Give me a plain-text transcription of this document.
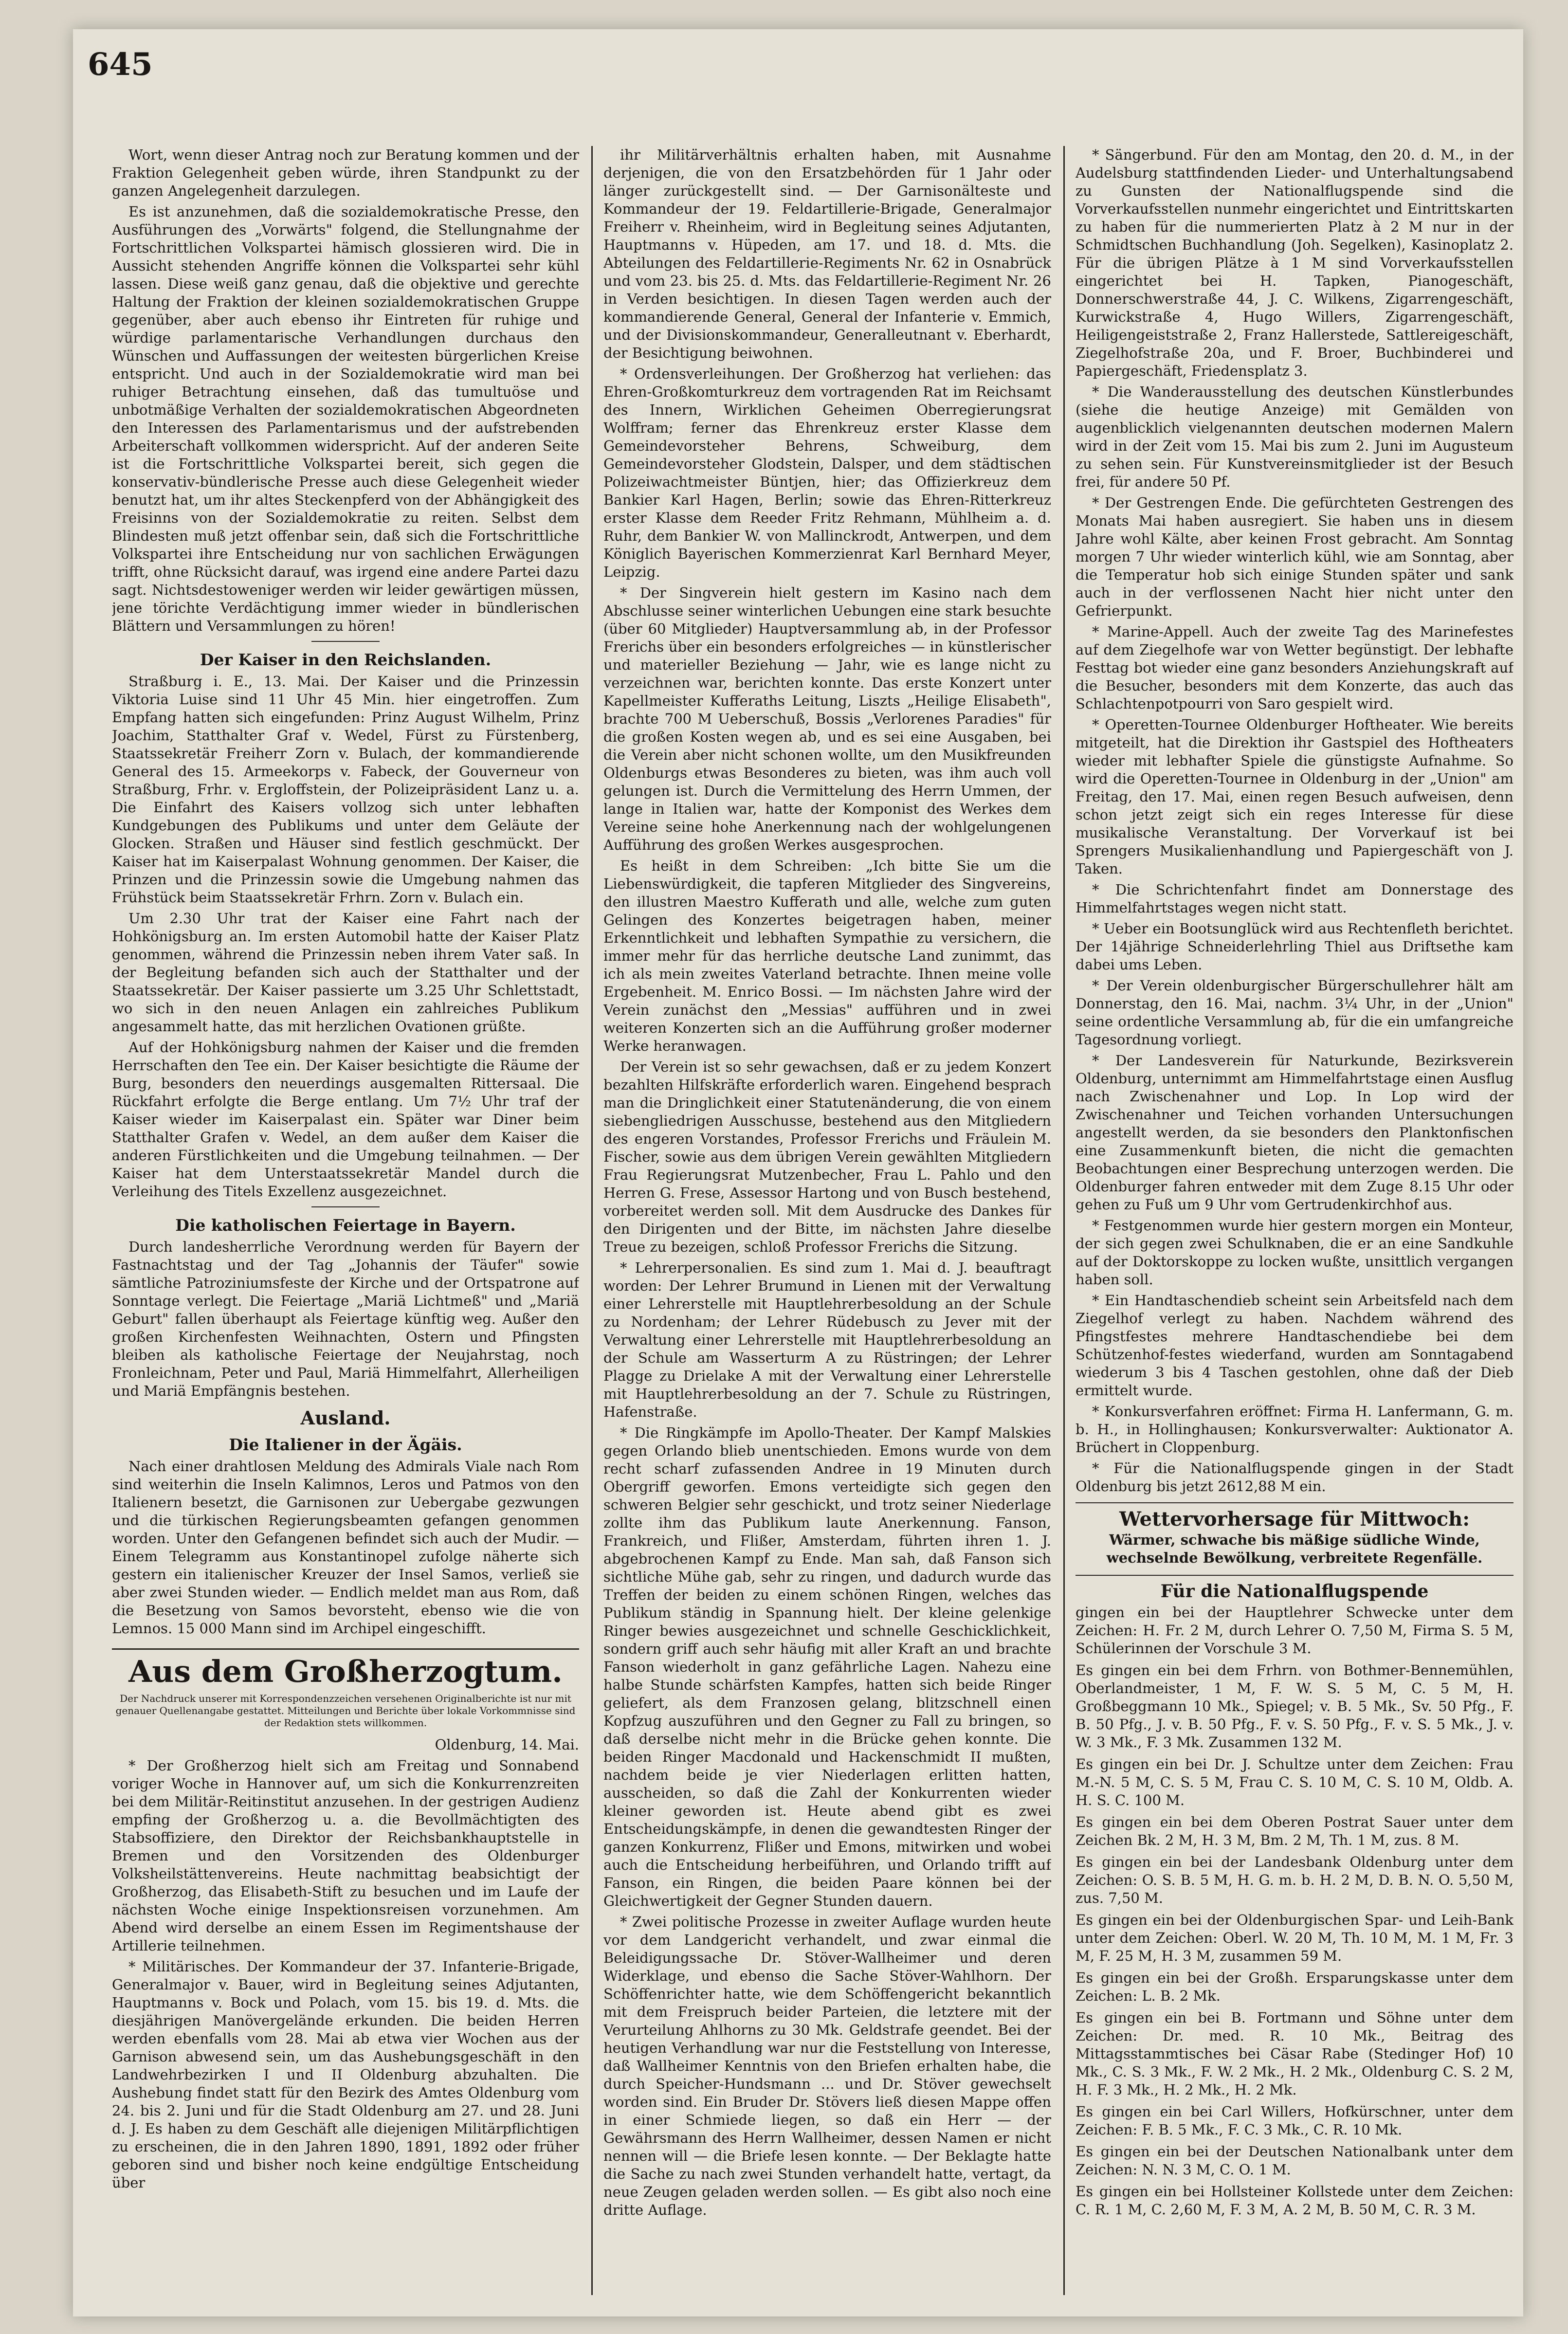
645

Wort, wenn dieser Antrag noch zur Beratung kommen und der Fraktion Gelegenheit geben würde, ihren Standpunkt zu der ganzen Angelegenheit darzulegen.

Es ist anzunehmen, daß die sozialdemokratische Presse, den Ausführungen des „Vorwärts" folgend, die Stellungnahme der Fortschrittlichen Volkspartei hämisch glossieren wird. Die in Aussicht stehenden Angriffe können die Volkspartei sehr kühl lassen. Diese weiß ganz genau, daß die objektive und gerechte Haltung der Fraktion der kleinen sozialdemokratischen Gruppe gegenüber, aber auch ebenso ihr Eintreten für ruhige und würdige parlamentarische Verhandlungen durchaus den Wünschen und Auffassungen der weitesten bürgerlichen Kreise entspricht. Und auch in der Sozialdemokratie wird man bei ruhiger Betrachtung einsehen, daß das tumultuöse und unbotmäßige Verhalten der sozialdemokratischen Abgeordneten den Interessen des Parlamentarismus und der aufstrebenden Arbeiterschaft vollkommen widerspricht. Auf der anderen Seite ist die Fortschrittliche Volkspartei bereit, sich gegen die konservativ-bündlerische Presse auch diese Gelegenheit wieder benutzt hat, um ihr altes Steckenpferd von der Abhängigkeit des Freisinns von der Sozialdemokratie zu reiten. Selbst dem Blindesten muß jetzt offenbar sein, daß sich die Fortschrittliche Volkspartei ihre Entscheidung nur von sachlichen Erwägungen trifft, ohne Rücksicht darauf, was irgend eine andere Partei dazu sagt. Nichtsdestoweniger werden wir leider gewärtigen müssen, jene törichte Verdächtigung immer wieder in bündlerischen Blättern und Versammlungen zu hören!

Der Kaiser in den Reichslanden.

Straßburg i. E., 13. Mai. Der Kaiser und die Prinzessin Viktoria Luise sind 11 Uhr 45 Min. hier eingetroffen. Zum Empfang hatten sich eingefunden: Prinz August Wilhelm, Prinz Joachim, Statthalter Graf v. Wedel, Fürst zu Fürstenberg, Staatssekretär Freiherr Zorn v. Bulach, der kommandierende General des 15. Armeekorps v. Fabeck, der Gouverneur von Straßburg, Frhr. v. Ergloffstein, der Polizeipräsident Lanz u. a. Die Einfahrt des Kaisers vollzog sich unter lebhaften Kundgebungen des Publikums und unter dem Geläute der Glocken. Straßen und Häuser sind festlich geschmückt. Der Kaiser hat im Kaiserpalast Wohnung genommen. Der Kaiser, die Prinzen und die Prinzessin sowie die Umgebung nahmen das Frühstück beim Staatssekretär Frhrn. Zorn v. Bulach ein.

Um 2.30 Uhr trat der Kaiser eine Fahrt nach der Hohkönigsburg an. Im ersten Automobil hatte der Kaiser Platz genommen, während die Prinzessin neben ihrem Vater saß. In der Begleitung befanden sich auch der Statthalter und der Staatssekretär. Der Kaiser passierte um 3.25 Uhr Schlettstadt, wo sich in den neuen Anlagen ein zahlreiches Publikum angesammelt hatte, das mit herzlichen Ovationen grüßte.

Auf der Hohkönigsburg nahmen der Kaiser und die fremden Herrschaften den Tee ein. Der Kaiser besichtigte die Räume der Burg, besonders den neuerdings ausgemalten Rittersaal. Die Rückfahrt erfolgte die Berge entlang. Um 7½ Uhr traf der Kaiser wieder im Kaiserpalast ein. Später war Diner beim Statthalter Grafen v. Wedel, an dem außer dem Kaiser die anderen Fürstlichkeiten und die Umgebung teilnahmen. — Der Kaiser hat dem Unterstaatssekretär Mandel durch die Verleihung des Titels Exzellenz ausgezeichnet.

Die katholischen Feiertage in Bayern.

Durch landesherrliche Verordnung werden für Bayern der Fastnachtstag und der Tag „Johannis der Täufer" sowie sämtliche Patroziniumsfeste der Kirche und der Ortspatrone auf Sonntage verlegt. Die Feiertage „Mariä Lichtmeß" und „Mariä Geburt" fallen überhaupt als Feiertage künftig weg. Außer den großen Kirchenfesten Weihnachten, Ostern und Pfingsten bleiben als katholische Feiertage der Neujahrstag, noch Fronleichnam, Peter und Paul, Mariä Himmelfahrt, Allerheiligen und Mariä Empfängnis bestehen.

Ausland.
Die Italiener in der Ägäis.

Nach einer drahtlosen Meldung des Admirals Viale nach Rom sind weiterhin die Inseln Kalimnos, Leros und Patmos von den Italienern besetzt, die Garnisonen zur Uebergabe gezwungen und die türkischen Regierungsbeamten gefangen genommen worden. Unter den Gefangenen befindet sich auch der Mudir. — Einem Telegramm aus Konstantinopel zufolge näherte sich gestern ein italienischer Kreuzer der Insel Samos, verließ sie aber zwei Stunden wieder. — Endlich meldet man aus Rom, daß die Besetzung von Samos bevorsteht, ebenso wie die von Lemnos. 15 000 Mann sind im Archipel eingeschifft.

Aus dem Großherzogtum.
Der Nachdruck unserer mit Korrespondenzzeichen versehenen Originalberichte ist nur mit genauer Quellenangabe gestattet. Mitteilungen und Berichte über lokale Vorkommnisse sind der Redaktion stets willkommen.

Oldenburg, 14. Mai.

* Der Großherzog hielt sich am Freitag und Sonnabend voriger Woche in Hannover auf, um sich die Konkurrenzreiten bei dem Militär-Reitinstitut anzusehen. In der gestrigen Audienz empfing der Großherzog u. a. die Bevollmächtigten des Stabsoffiziere, den Direktor der Reichsbankhauptstelle in Bremen und den Vorsitzenden des Oldenburger Volksheilstättenvereins. Heute nachmittag beabsichtigt der Großherzog, das Elisabeth-Stift zu besuchen und im Laufe der nächsten Woche einige Inspektionsreisen vorzunehmen. Am Abend wird derselbe an einem Essen im Regimentshause der Artillerie teilnehmen.

* Militärisches. Der Kommandeur der 37. Infanterie-Brigade, Generalmajor v. Bauer, wird in Begleitung seines Adjutanten, Hauptmanns v. Bock und Polach, vom 15. bis 19. d. Mts. die diesjährigen Manövergelände erkunden. Die beiden Herren werden ebenfalls vom 28. Mai ab etwa vier Wochen aus der Garnison abwesend sein, um das Aushebungsgeschäft in den Landwehrbezirken I und II Oldenburg abzuhalten. Die Aushebung findet statt für den Bezirk des Amtes Oldenburg vom 24. bis 2. Juni und für die Stadt Oldenburg am 27. und 28. Juni d. J. Es haben zu dem Geschäft alle diejenigen Militärpflichtigen zu erscheinen, die in den Jahren 1890, 1891, 1892 oder früher geboren sind und bisher noch keine endgültige Entscheidung über

ihr Militärverhältnis erhalten haben, mit Ausnahme derjenigen, die von den Ersatzbehörden für 1 Jahr oder länger zurückgestellt sind. — Der Garnisonälteste und Kommandeur der 19. Feldartillerie-Brigade, Generalmajor Freiherr v. Rheinheim, wird in Begleitung seines Adjutanten, Hauptmanns v. Hüpeden, am 17. und 18. d. Mts. die Abteilungen des Feldartillerie-Regiments Nr. 62 in Osnabrück und vom 23. bis 25. d. Mts. das Feldartillerie-Regiment Nr. 26 in Verden besichtigen. In diesen Tagen werden auch der kommandierende General, General der Infanterie v. Emmich, und der Divisionskommandeur, Generalleutnant v. Eberhardt, der Besichtigung beiwohnen.

* Ordensverleihungen. Der Großherzog hat verliehen: das Ehren-Großkomturkreuz dem vortragenden Rat im Reichsamt des Innern, Wirklichen Geheimen Oberregierungsrat Wolffram; ferner das Ehrenkreuz erster Klasse dem Gemeindevorsteher Behrens, Schweiburg, dem Gemeindevorsteher Glodstein, Dalsper, und dem städtischen Polizeiwachtmeister Büntjen, hier; das Offizierkreuz dem Bankier Karl Hagen, Berlin; sowie das Ehren-Ritterkreuz erster Klasse dem Reeder Fritz Rehmann, Mühlheim a. d. Ruhr, dem Bankier W. von Mallinckrodt, Antwerpen, und dem Königlich Bayerischen Kommerzienrat Karl Bernhard Meyer, Leipzig.

* Der Singverein hielt gestern im Kasino nach dem Abschlusse seiner winterlichen Uebungen eine stark besuchte (über 60 Mitglieder) Hauptversammlung ab, in der Professor Frerichs über ein besonders erfolgreiches — in künstlerischer und materieller Beziehung — Jahr, wie es lange nicht zu verzeichnen war, berichten konnte. Das erste Konzert unter Kapellmeister Kufferaths Leitung, Liszts „Heilige Elisabeth", brachte 700 M Ueberschuß, Bossis „Verlorenes Paradies" für die großen Kosten wegen ab, und es sei eine Ausgaben, bei die Verein aber nicht schonen wollte, um den Musikfreunden Oldenburgs etwas Besonderes zu bieten, was ihm auch voll gelungen ist. Durch die Vermittelung des Herrn Ummen, der lange in Italien war, hatte der Komponist des Werkes dem Vereine seine hohe Anerkennung nach der wohlgelungenen Aufführung des großen Werkes ausgesprochen.

Es heißt in dem Schreiben: „Ich bitte Sie um die Liebenswürdigkeit, die tapferen Mitglieder des Singvereins, den illustren Maestro Kufferath und alle, welche zum guten Gelingen des Konzertes beigetragen haben, meiner Erkenntlichkeit und lebhaften Sympathie zu versichern, die immer mehr für das herrliche deutsche Land zunimmt, das ich als mein zweites Vaterland betrachte. Ihnen meine volle Ergebenheit. M. Enrico Bossi. — Im nächsten Jahre wird der Verein zunächst den „Messias" aufführen und in zwei weiteren Konzerten sich an die Aufführung großer moderner Werke heranwagen.

Der Verein ist so sehr gewachsen, daß er zu jedem Konzert bezahlten Hilfskräfte erforderlich waren. Eingehend besprach man die Dringlichkeit einer Statutenänderung, die von einem siebengliedrigen Ausschusse, bestehend aus den Mitgliedern des engeren Vorstandes, Professor Frerichs und Fräulein M. Fischer, sowie aus dem übrigen Verein gewählten Mitgliedern Frau Regierungsrat Mutzenbecher, Frau L. Pahlo und den Herren G. Frese, Assessor Hartong und von Busch bestehend, vorbereitet werden soll. Mit dem Ausdrucke des Dankes für den Dirigenten und der Bitte, im nächsten Jahre dieselbe Treue zu bezeigen, schloß Professor Frerichs die Sitzung.

* Lehrerpersonalien. Es sind zum 1. Mai d. J. beauftragt worden: Der Lehrer Brumund in Lienen mit der Verwaltung einer Lehrerstelle mit Hauptlehrerbesoldung an der Schule zu Nordenham; der Lehrer Rüdebusch zu Jever mit der Verwaltung einer Lehrerstelle mit Hauptlehrerbesoldung an der Schule am Wasserturm A zu Rüstringen; der Lehrer Plagge zu Drielake A mit der Verwaltung einer Lehrerstelle mit Hauptlehrerbesoldung an der 7. Schule zu Rüstringen, Hafenstraße.

* Die Ringkämpfe im Apollo-Theater. Der Kampf Malskies gegen Orlando blieb unentschieden. Emons wurde von dem recht scharf zufassenden Andree in 19 Minuten durch Obergriff geworfen. Emons verteidigte sich gegen den schweren Belgier sehr geschickt, und trotz seiner Niederlage zollte ihm das Publikum laute Anerkennung. Fanson, Frankreich, und Flißer, Amsterdam, führten ihren 1. J. abgebrochenen Kampf zu Ende. Man sah, daß Fanson sich sichtliche Mühe gab, sehr zu ringen, und dadurch wurde das Treffen der beiden zu einem schönen Ringen, welches das Publikum ständig in Spannung hielt. Der kleine gelenkige Ringer bewies ausgezeichnet und schnelle Geschicklichkeit, sondern griff auch sehr häufig mit aller Kraft an und brachte Fanson wiederholt in ganz gefährliche Lagen. Nahezu eine halbe Stunde schärfsten Kampfes, hatten sich beide Ringer geliefert, als dem Franzosen gelang, blitzschnell einen Kopfzug auszuführen und den Gegner zu Fall zu bringen, so daß derselbe nicht mehr in die Brücke gehen konnte. Die beiden Ringer Macdonald und Hackenschmidt II mußten, nachdem beide je vier Niederlagen erlitten hatten, ausscheiden, so daß die Zahl der Konkurrenten wieder kleiner geworden ist. Heute abend gibt es zwei Entscheidungskämpfe, in denen die gewandtesten Ringer der ganzen Konkurrenz, Flißer und Emons, mitwirken und wobei auch die Entscheidung herbeiführen, und Orlando trifft auf Fanson, ein Ringen, die beiden Paare können bei der Gleichwertigkeit der Gegner Stunden dauern.

* Zwei politische Prozesse in zweiter Auflage wurden heute vor dem Landgericht verhandelt, und zwar einmal die Beleidigungssache Dr. Stöver-Wallheimer und deren Widerklage, und ebenso die Sache Stöver-Wahlhorn. Der Schöffenrichter hatte, wie dem Schöffengericht bekanntlich mit dem Freispruch beider Parteien, die letztere mit der Verurteilung Ahlhorns zu 30 Mk. Geldstrafe geendet. Bei der heutigen Verhandlung war nur die Feststellung von Interesse, daß Wallheimer Kenntnis von den Briefen erhalten habe, die durch Speicher-Hundsmann ... und Dr. Stöver gewechselt worden sind. Ein Bruder Dr. Stövers ließ diesen Mappe offen in einer Schmiede liegen, so daß ein Herr — der Gewährsmann des Herrn Wallheimer, dessen Namen er nicht nennen will — die Briefe lesen konnte. — Der Beklagte hatte die Sache zu nach zwei Stunden verhandelt hatte, vertagt, da neue Zeugen geladen werden sollen. — Es gibt also noch eine dritte Auflage.

* Sängerbund. Für den am Montag, den 20. d. M., in der Audelsburg stattfindenden Lieder- und Unterhaltungsabend zu Gunsten der Nationalflugspende sind die Vorverkaufsstellen nunmehr eingerichtet und Eintrittskarten zu haben für die nummerierten Platz à 2 M nur in der Schmidtschen Buchhandlung (Joh. Segelken), Kasinoplatz 2. Für die übrigen Plätze à 1 M sind Vorverkaufsstellen eingerichtet bei H. Tapken, Pianogeschäft, Donnerschwerstraße 44, J. C. Wilkens, Zigarrengeschäft, Kurwickstraße 4, Hugo Willers, Zigarrengeschäft, Heiligengeiststraße 2, Franz Hallerstede, Sattlereigeschäft, Ziegelhofstraße 20a, und F. Broer, Buchbinderei und Papiergeschäft, Friedensplatz 3.

* Die Wanderausstellung des deutschen Künstlerbundes (siehe die heutige Anzeige) mit Gemälden von augenblicklich vielgenannten deutschen modernen Malern wird in der Zeit vom 15. Mai bis zum 2. Juni im Augusteum zu sehen sein. Für Kunstvereinsmitglieder ist der Besuch frei, für andere 50 Pf.

* Der Gestrengen Ende. Die gefürchteten Gestrengen des Monats Mai haben ausregiert. Sie haben uns in diesem Jahre wohl Kälte, aber keinen Frost gebracht. Am Sonntag morgen 7 Uhr wieder winterlich kühl, wie am Sonntag, aber die Temperatur hob sich einige Stunden später und sank auch in der verflossenen Nacht hier nicht unter den Gefrierpunkt.

* Marine-Appell. Auch der zweite Tag des Marinefestes auf dem Ziegelhofe war von Wetter begünstigt. Der lebhafte Festtag bot wieder eine ganz besonders Anziehungskraft auf die Besucher, besonders mit dem Konzerte, das auch das Schlachtenpotpourri von Saro gespielt wird.

* Operetten-Tournee Oldenburger Hoftheater. Wie bereits mitgeteilt, hat die Direktion ihr Gastspiel des Hoftheaters wieder mit lebhafter Spiele die günstigste Aufnahme. So wird die Operetten-Tournee in Oldenburg in der „Union" am Freitag, den 17. Mai, einen regen Besuch aufweisen, denn schon jetzt zeigt sich ein reges Interesse für diese musikalische Veranstaltung. Der Vorverkauf ist bei Sprengers Musikalienhandlung und Papiergeschäft von J. Taken.

* Die Schrichtenfahrt findet am Donnerstage des Himmelfahrtstages wegen nicht statt.

* Ueber ein Bootsunglück wird aus Rechtenfleth berichtet. Der 14jährige Schneiderlehrling Thiel aus Driftsethe kam dabei ums Leben.

* Der Verein oldenburgischer Bürgerschullehrer hält am Donnerstag, den 16. Mai, nachm. 3¼ Uhr, in der „Union" seine ordentliche Versammlung ab, für die ein umfangreiche Tagesordnung vorliegt.

* Der Landesverein für Naturkunde, Bezirksverein Oldenburg, unternimmt am Himmelfahrtstage einen Ausflug nach Zwischenahner und Lop. In Lop wird der Zwischenahner und Teichen vorhanden Untersuchungen angestellt werden, da sie besonders den Planktonfischen eine Zusammenkunft bieten, die nicht die gemachten Beobachtungen einer Besprechung unterzogen werden. Die Oldenburger fahren entweder mit dem Zuge 8.15 Uhr oder gehen zu Fuß um 9 Uhr vom Gertrudenkirchhof aus.

* Festgenommen wurde hier gestern morgen ein Monteur, der sich gegen zwei Schulknaben, die er an eine Sandkuhle auf der Doktorskoppe zu locken wußte, unsittlich vergangen haben soll.

* Ein Handtaschendieb scheint sein Arbeitsfeld nach dem Ziegelhof verlegt zu haben. Nachdem während des Pfingstfestes mehrere Handtaschendiebe bei dem Schützenhof-festes wiederfand, wurden am Sonntagabend wiederum 3 bis 4 Taschen gestohlen, ohne daß der Dieb ermittelt wurde.

* Konkursverfahren eröffnet: Firma H. Lanfermann, G. m. b. H., in Hollinghausen; Konkursverwalter: Auktionator A. Brüchert in Cloppenburg.

* Für die Nationalflugspende gingen in der Stadt Oldenburg bis jetzt 2612,88 M ein.

Wettervorhersage für Mittwoch:
Wärmer, schwache bis mäßige südliche Winde, wechselnde Bewölkung, verbreitete Regenfälle.
Für die Nationalflugspende

gingen ein bei der Hauptlehrer Schwecke unter dem Zeichen: H. Fr. 2 M, durch Lehrer O. 7,50 M, Firma S. 5 M, Schülerinnen der Vorschule 3 M.

Es gingen ein bei dem Frhrn. von Bothmer-Bennemühlen, Oberlandmeister, 1 M, F. W. S. 5 M, C. 5 M, H. Großbeggmann 10 Mk., Spiegel; v. B. 5 Mk., Sv. 50 Pfg., F. B. 50 Pfg., J. v. B. 50 Pfg., F. v. S. 50 Pfg., F. v. S. 5 Mk., J. v. W. 3 Mk., F. 3 Mk. Zusammen 132 M.

Es gingen ein bei Dr. J. Schultze unter dem Zeichen: Frau M.-N. 5 M, C. S. 5 M, Frau C. S. 10 M, C. S. 10 M, Oldb. A. H. S. C. 100 M.

Es gingen ein bei dem Oberen Postrat Sauer unter dem Zeichen Bk. 2 M, H. 3 M, Bm. 2 M, Th. 1 M, zus. 8 M.

Es gingen ein bei der Landesbank Oldenburg unter dem Zeichen: O. S. B. 5 M, H. G. m. b. H. 2 M, D. B. N. O. 5,50 M, zus. 7,50 M.

Es gingen ein bei der Oldenburgischen Spar- und Leih-Bank unter dem Zeichen: Oberl. W. 20 M, Th. 10 M, M. 1 M, Fr. 3 M, F. 25 M, H. 3 M, zusammen 59 M.

Es gingen ein bei der Großh. Ersparungskasse unter dem Zeichen: L. B. 2 Mk.

Es gingen ein bei B. Fortmann und Söhne unter dem Zeichen: Dr. med. R. 10 Mk., Beitrag des Mittagsstammtisches bei Cäsar Rabe (Stedinger Hof) 10 Mk., C. S. 3 Mk., F. W. 2 Mk., H. 2 Mk., Oldenburg C. S. 2 M, H. F. 3 Mk., H. 2 Mk., H. 2 Mk.

Es gingen ein bei Carl Willers, Hofkürschner, unter dem Zeichen: F. B. 5 Mk., F. C. 3 Mk., C. R. 10 Mk.

Es gingen ein bei der Deutschen Nationalbank unter dem Zeichen: N. N. 3 M, C. O. 1 M.

Es gingen ein bei Hollsteiner Kollstede unter dem Zeichen: C. R. 1 M, C. 2,60 M, F. 3 M, A. 2 M, B. 50 M, C. R. 3 M.
